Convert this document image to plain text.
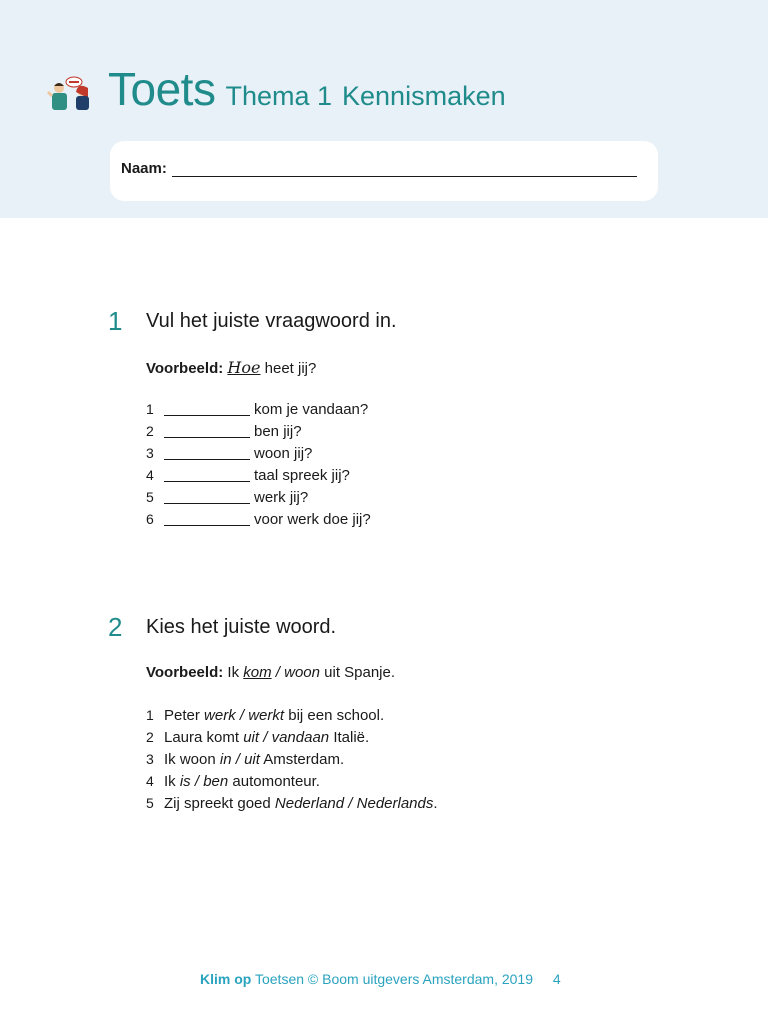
Toets Thema 1 Kennismaken
Naam:
1 Vul het juiste vraagwoord in.
Voorbeeld: Hoe heet jij?
1	kom je vandaan?
2	ben jij?
3	woon jij?
4	taal spreek jij?
5	werk jij?
6	voor werk doe jij?
2 Kies het juiste woord.
Voorbeeld: Ik kom / woon uit Spanje.
1 Peter werk / werkt bij een school.
2 Laura komt uit / vandaan Italië.
3 Ik woon in / uit Amsterdam.
4 Ik is / ben automonteur.
5 Zij spreekt goed Nederland / Nederlands.
Klim op Toetsen © Boom uitgevers Amsterdam, 2019 4
